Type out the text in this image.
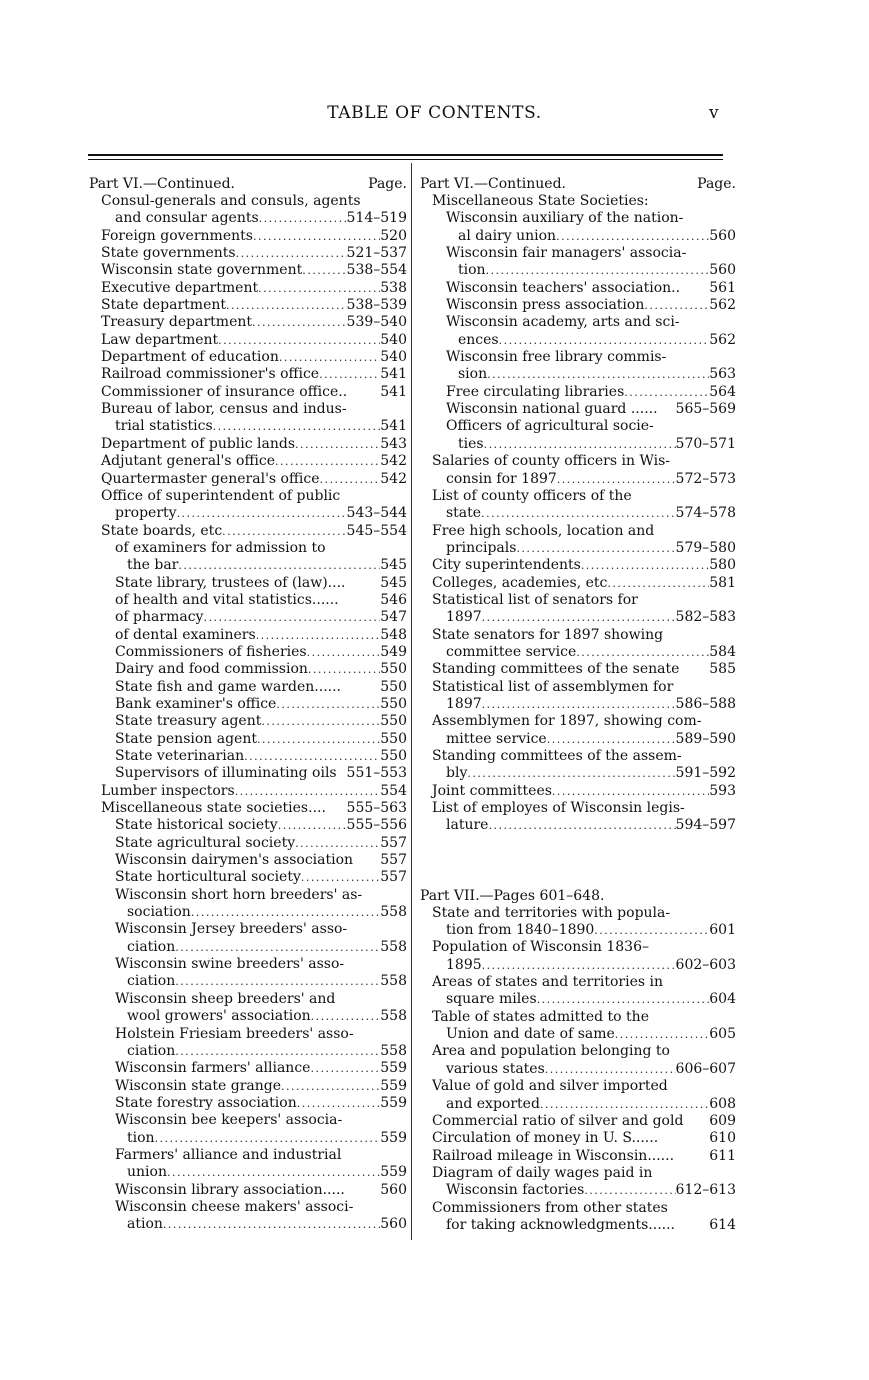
TABLE OF CONTENTS.	v
Part VI.—Continued.	Page.
Consul-generals and consuls, agents
and consular agents .....	514–519
Foreign governments .....	520
State governments .....	521–537
Wisconsin state government .....	538–554
Executive department .....	538
State department .....	538–539
Treasury department .....	539–540
Law department .....	540
Department of education .....	540
Railroad commissioner's office .....	541
Commissioner of insurance office.. 541
Bureau of labor, census and indus-
trial statistics .....	541
Department of public lands .....	543
Adjutant general's office .....	542
Quartermaster general's office .....	542
Office of superintendent of public
property .....	543–544
State boards, etc .....	545–554
of examiners for admission to
the bar .....	545
State library, trustees of (law).... 545
of health and vital statistics......	546
of pharmacy .....	547
of dental examiners .....	548
Commissioners of fisheries .....	549
Dairy and food commission .....	550
State fish and game warden......	550
Bank examiner's office .....	550
State treasury agent .....	550
State pension agent .....	550
State veterinarian .....	550
Supervisors of illuminating oils 551–553
Lumber inspectors .....	554
Miscellaneous state societies.... 555–563
State historical society .....	555–556
State agricultural society .....	557
Wisconsin dairymen's association 557
State horticultural society .....	557
Wisconsin short horn breeders' as-
sociation .....	558
Wisconsin Jersey breeders' asso-
ciation .....	558
Wisconsin swine breeders' asso-
ciation .....	558
Wisconsin sheep breeders' and
wool growers' association .....	558
Holstein Friesiam breeders' asso-
ciation .....	558
Wisconsin farmers' alliance .....	559
Wisconsin state grange .....	559
State forestry association .....	559
Wisconsin bee keepers' associa-
tion .....	559
Farmers' alliance and industrial
union .....	559
Wisconsin library association.....	560
Wisconsin cheese makers' associ-
ation .....	560
Part VI.—Continued.	Page.
Miscellaneous State Societies:
Wisconsin auxiliary of the nation-
al dairy union .....	560
Wisconsin fair managers' associa-
tion .....	560
Wisconsin teachers' association.. 561
Wisconsin press association .....	562
Wisconsin academy, arts and sci-
ences .....	562
Wisconsin free library commis-
sion .....	563
Free circulating libraries .....	564
Wisconsin national guard ...... 565–569
Officers of agricultural socie-
ties .....	570–571
Salaries of county officers in Wis-
consin for 1897 .....	572–573
List of county officers of the
state .....	574–578
Free high schools, location and
principals .....	579–580
City superintendents .....	580
Colleges, academies, etc .....	581
Statistical list of senators for
1897 .....	582–583
State senators for 1897 showing
committee service .....	584
Standing committees of the senate 585
Statistical list of assemblymen for
1897 .....	586–588
Assemblymen for 1897, showing com-
mittee service .....	589–590
Standing committees of the assem-
bly .....	591–592
Joint committees .....	593
List of employes of Wisconsin legis-
lature .....	594–597
Part VII.—Pages 601–648.
State and territories with popula-
tion from 1840–1890 .....	601
Population of Wisconsin 1836–
1895 .....	602–603
Areas of states and territories in
square miles .....	604
Table of states admitted to the
Union and date of same .....	605
Area and population belonging to
various states .....	606–607
Value of gold and silver imported
and exported .....	608
Commercial ratio of silver and gold 609
Circulation of money in U. S......	610
Railroad mileage in Wisconsin......	611
Diagram of daily wages paid in
Wisconsin factories .....	612–613
Commissioners from other states
for taking acknowledgments...... 614
